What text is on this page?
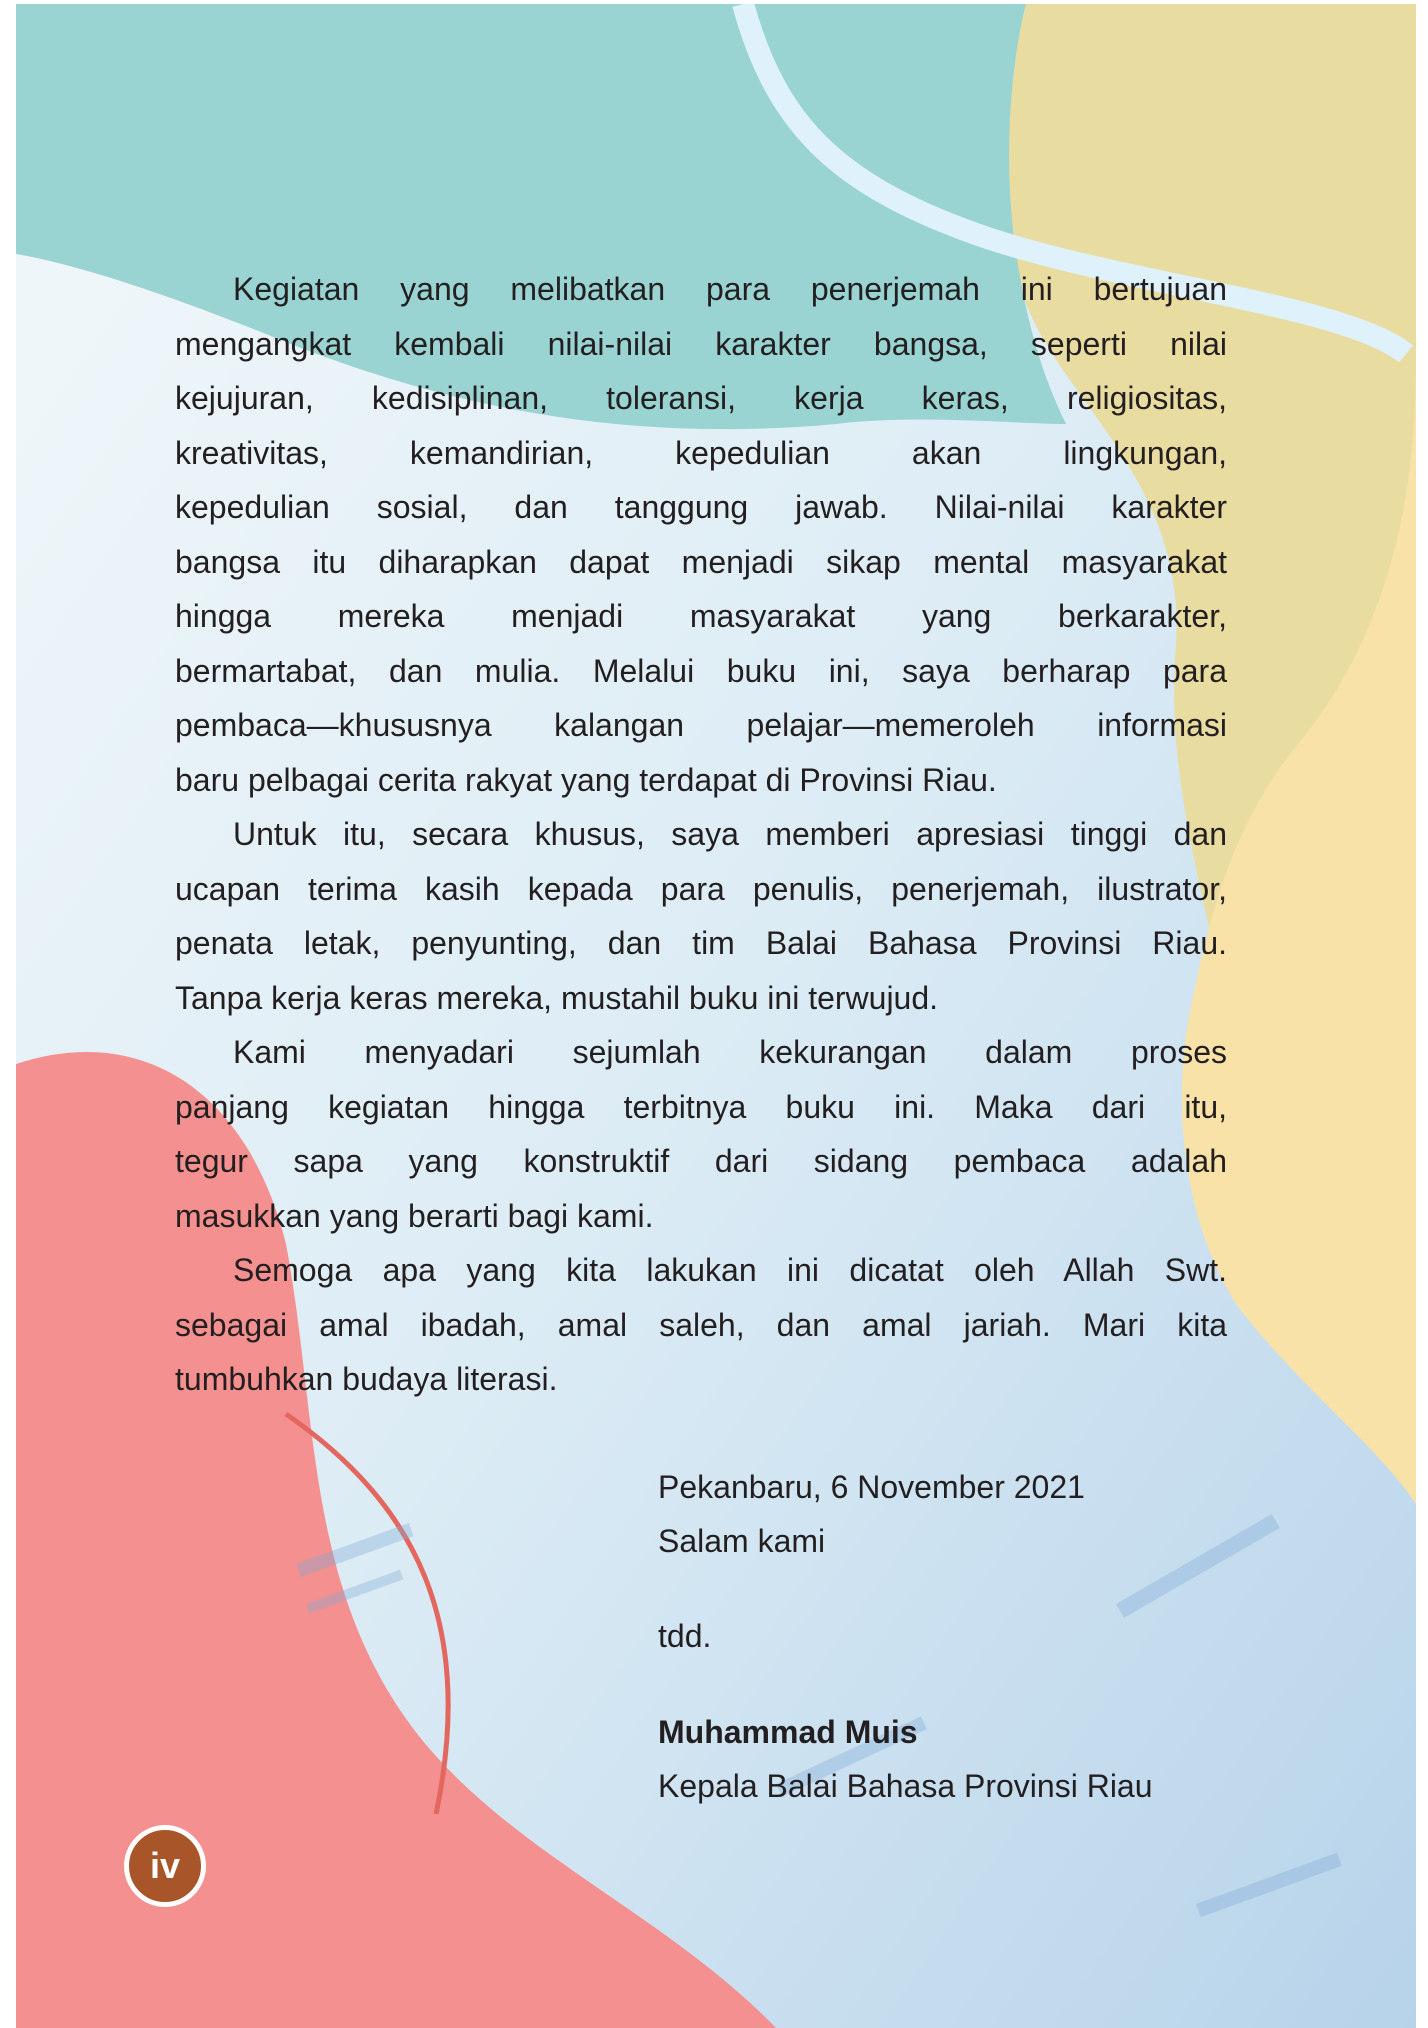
Kegiatan yang melibatkan para penerjemah ini bertujuan
mengangkat kembali nilai-nilai karakter bangsa, seperti nilai
kejujuran, kedisiplinan, toleransi, kerja keras, religiositas,
kreativitas, kemandirian, kepedulian akan lingkungan,
kepedulian sosial, dan tanggung jawab. Nilai-nilai karakter
bangsa itu diharapkan dapat menjadi sikap mental masyarakat
hingga mereka menjadi masyarakat yang berkarakter,
bermartabat, dan mulia. Melalui buku ini, saya berharap para
pembaca—khususnya kalangan pelajar—memeroleh informasi
baru pelbagai cerita rakyat yang terdapat di Provinsi Riau.
Untuk itu, secara khusus, saya memberi apresiasi tinggi dan
ucapan terima kasih kepada para penulis, penerjemah, ilustrator,
penata letak, penyunting, dan tim Balai Bahasa Provinsi Riau.
Tanpa kerja keras mereka, mustahil buku ini terwujud.
Kami menyadari sejumlah kekurangan dalam proses
panjang kegiatan hingga terbitnya buku ini. Maka dari itu,
tegur sapa yang konstruktif dari sidang pembaca adalah
masukkan yang berarti bagi kami.
Semoga apa yang kita lakukan ini dicatat oleh Allah Swt.
sebagai amal ibadah, amal saleh, dan amal jariah. Mari kita
tumbuhkan budaya literasi.
Pekanbaru, 6 November 2021
Salam kami
tdd.
Muhammad Muis
Kepala Balai Bahasa Provinsi Riau
iv
